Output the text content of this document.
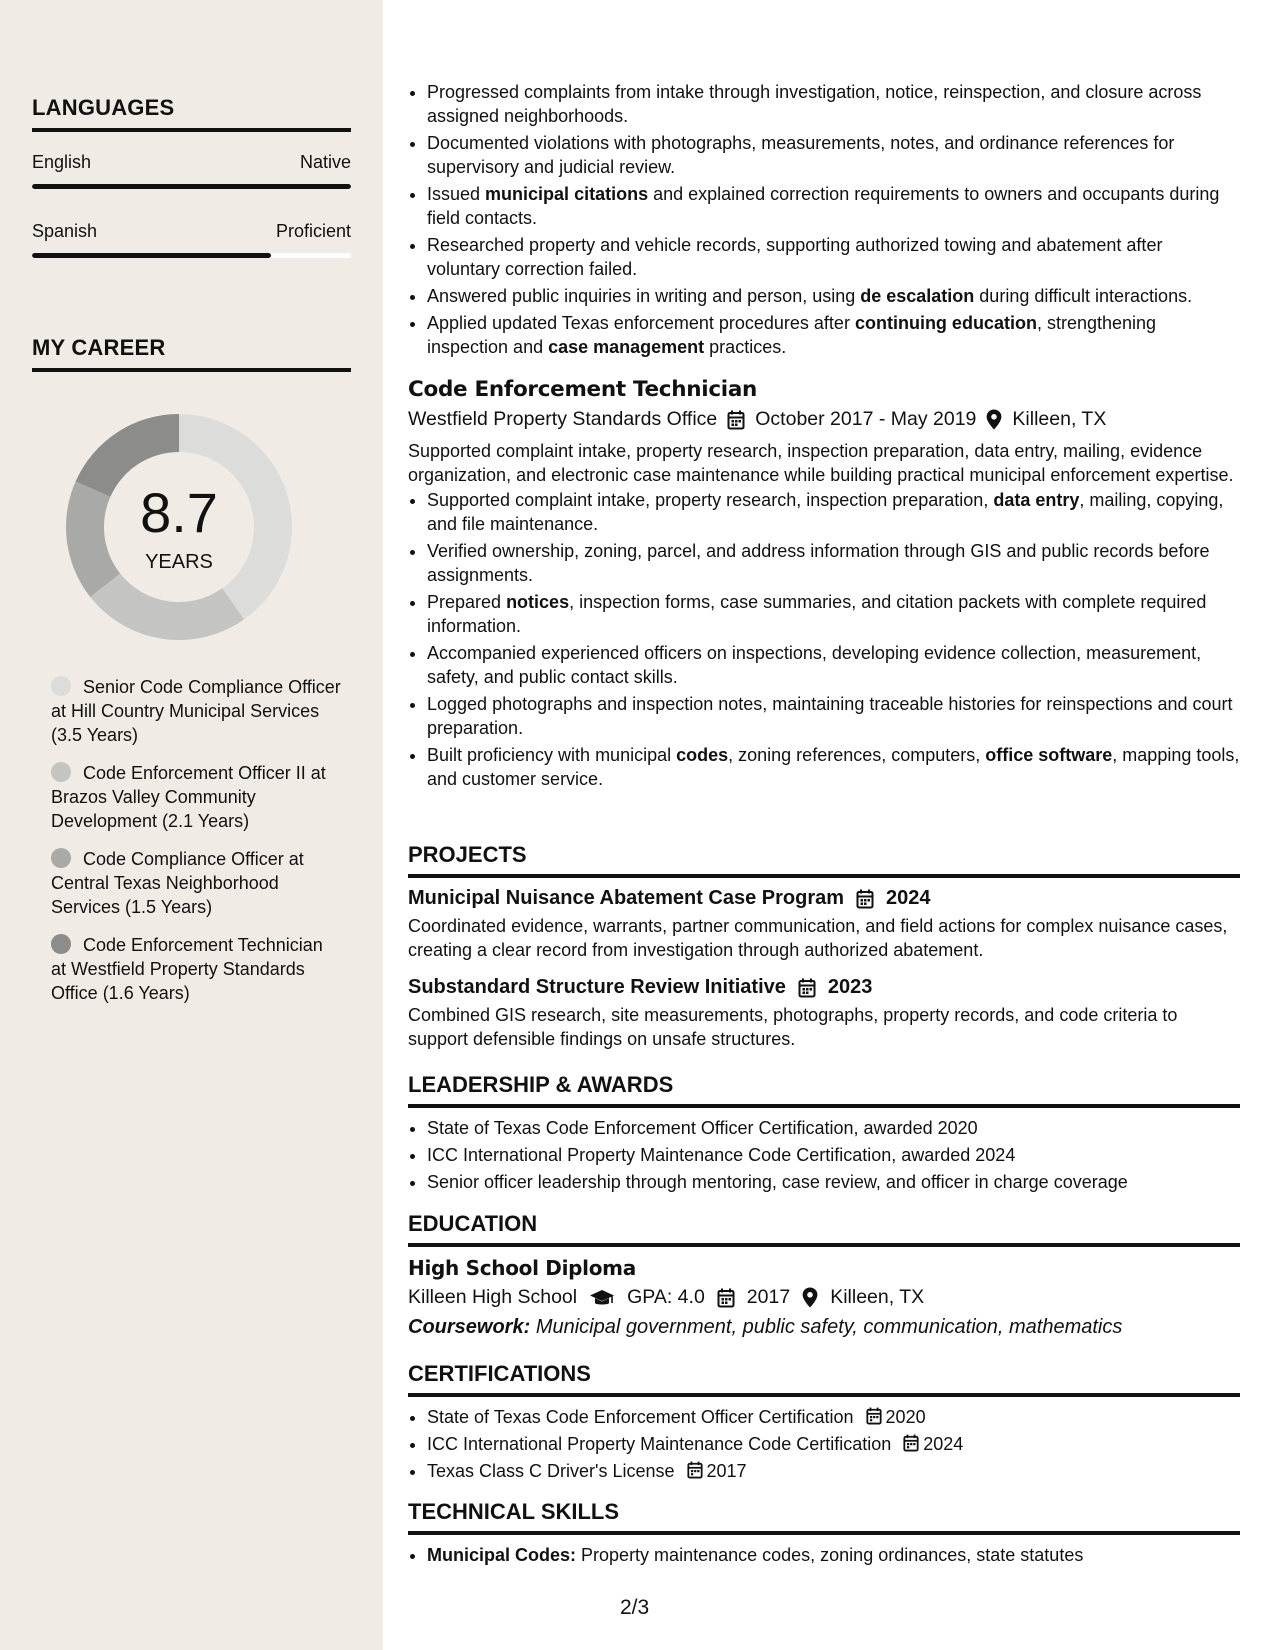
LANGUAGES
English	Native
Spanish	Proficient
MY CAREER
8.7
YEARS
Senior Code Compliance Officer at Hill Country Municipal Services (3.5 Years)
Code Enforcement Officer II at Brazos Valley Community Development (2.1 Years)
Code Compliance Officer at Central Texas Neighborhood Services (1.5 Years)
Code Enforcement Technician at Westfield Property Standards Office (1.6 Years)
• Progressed complaints from intake through investigation, notice, reinspection, and closure across assigned neighborhoods.
• Documented violations with photographs, measurements, notes, and ordinance references for supervisory and judicial review.
• Issued municipal citations and explained correction requirements to owners and occupants during field contacts.
• Researched property and vehicle records, supporting authorized towing and abatement after voluntary correction failed.
• Answered public inquiries in writing and person, using de escalation during difficult interactions.
• Applied updated Texas enforcement procedures after continuing education, strengthening inspection and case management practices.
Code Enforcement Technician
Westfield Property Standards Office October 2017 - May 2019 Killeen, TX
Supported complaint intake, property research, inspection preparation, data entry, mailing, evidence organization, and electronic case maintenance while building practical municipal enforcement expertise.
• Supported complaint intake, property research, inspection preparation, data entry, mailing, copying, and file maintenance.
• Verified ownership, zoning, parcel, and address information through GIS and public records before assignments.
• Prepared notices, inspection forms, case summaries, and citation packets with complete required information.
• Accompanied experienced officers on inspections, developing evidence collection, measurement, safety, and public contact skills.
• Logged photographs and inspection notes, maintaining traceable histories for reinspections and court preparation.
• Built proficiency with municipal codes, zoning references, computers, office software, mapping tools, and customer service.
PROJECTS
Municipal Nuisance Abatement Case Program 2024
Coordinated evidence, warrants, partner communication, and field actions for complex nuisance cases, creating a clear record from investigation through authorized abatement.
Substandard Structure Review Initiative 2023
Combined GIS research, site measurements, photographs, property records, and code criteria to support defensible findings on unsafe structures.
LEADERSHIP & AWARDS
• State of Texas Code Enforcement Officer Certification, awarded 2020
• ICC International Property Maintenance Code Certification, awarded 2024
• Senior officer leadership through mentoring, case review, and officer in charge coverage
EDUCATION
High School Diploma
Killeen High School	GPA: 4.0 2017 Killeen, TX
Coursework: Municipal government, public safety, communication, mathematics
CERTIFICATIONS
• State of Texas Code Enforcement Officer Certification 2020
• ICC International Property Maintenance Code Certification 2024
• Texas Class C Driver's License 2017
TECHNICAL SKILLS
• Municipal Codes: Property maintenance codes, zoning ordinances, state statutes
2/3
